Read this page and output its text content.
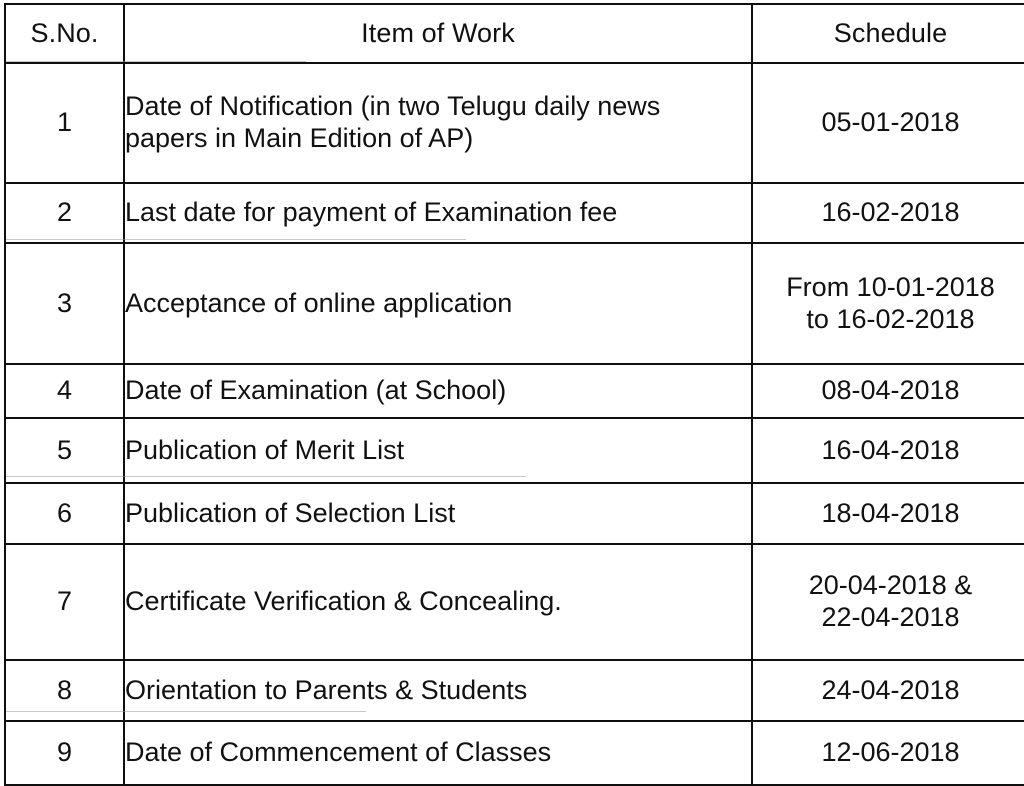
S.No.	Item of Work	Schedule
1	Date of Notification (in two Telugu daily news
papers in Main Edition of AP)	05-01-2018
2	Last date for payment of Examination fee	16-02-2018
3	Acceptance of online application	From 10-01-2018
to 16-02-2018

4	Date of Examination (at School)	08-04-2018
5	Publication of Merit List	16-04-2018
6	Publication of Selection List	18-04-2018
7	Certificate Verification & Concealing.	20-04-2018 &
22-04-2018

8	Orientation to Parents & Students	24-04-2018
9	Date of Commencement of Classes	12-06-2018
